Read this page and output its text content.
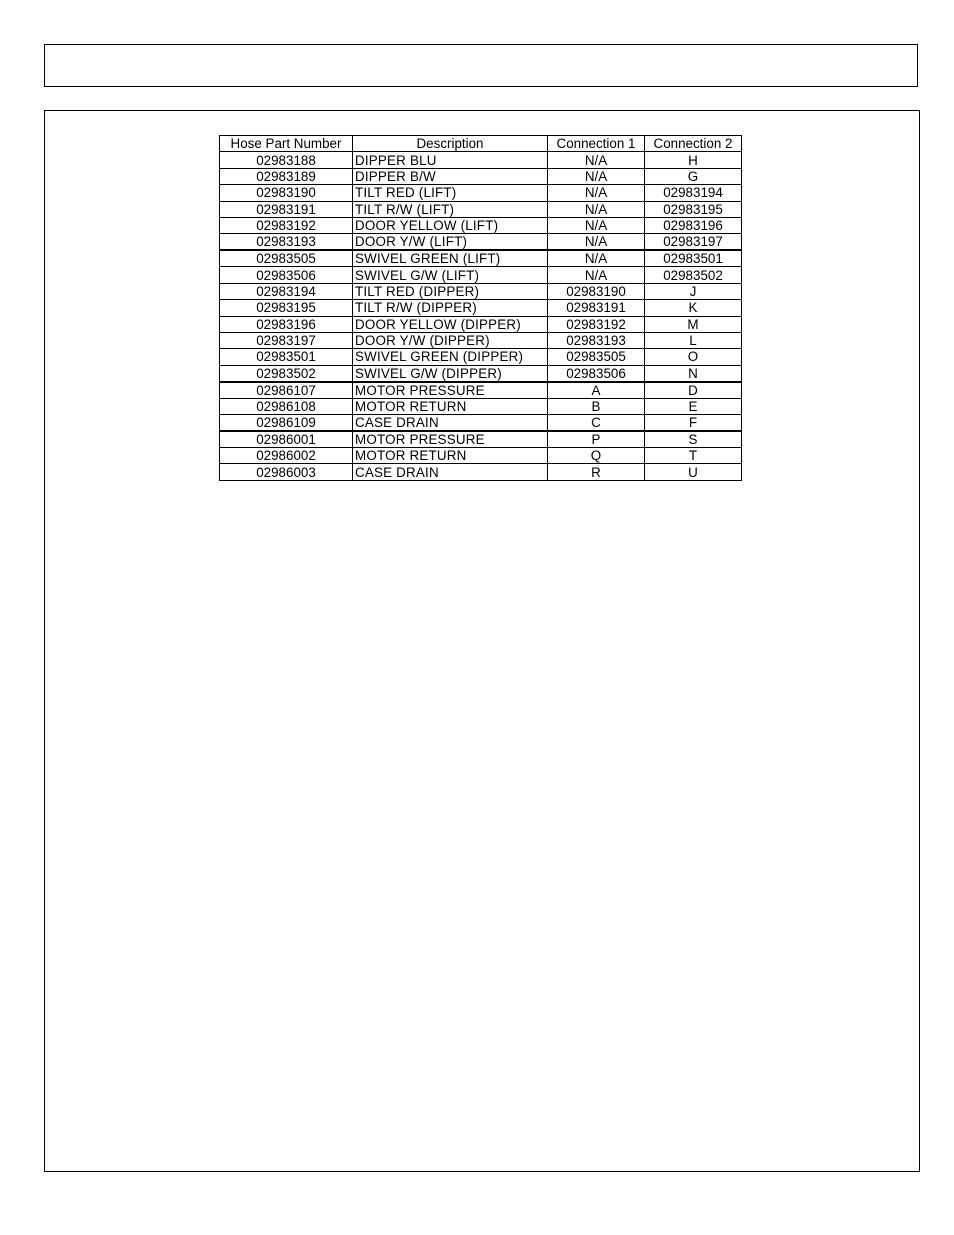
Hose Part Number	Description	Connection 1	Connection 2
02983188	DIPPER BLU	N/A	H
02983189	DIPPER B/W	N/A	G
02983190	TILT RED (LIFT)	N/A	02983194
02983191	TILT R/W (LIFT)	N/A	02983195
02983192	DOOR YELLOW (LIFT)	N/A	02983196
02983193	DOOR Y/W (LIFT)	N/A	02983197
02983505	SWIVEL GREEN (LIFT)	N/A	02983501
02983506	SWIVEL G/W (LIFT)	N/A	02983502
02983194	TILT RED (DIPPER)	02983190	J
02983195	TILT R/W (DIPPER)	02983191	K
02983196	DOOR YELLOW (DIPPER)	02983192	M
02983197	DOOR Y/W (DIPPER)	02983193	L
02983501	SWIVEL GREEN (DIPPER)	02983505	O
02983502	SWIVEL G/W (DIPPER)	02983506	N
02986107	MOTOR PRESSURE	A	D
02986108	MOTOR RETURN	B	E
02986109	CASE DRAIN	C	F
02986001	MOTOR PRESSURE	P	S
02986002	MOTOR RETURN	Q	T
02986003	CASE DRAIN	R	U
